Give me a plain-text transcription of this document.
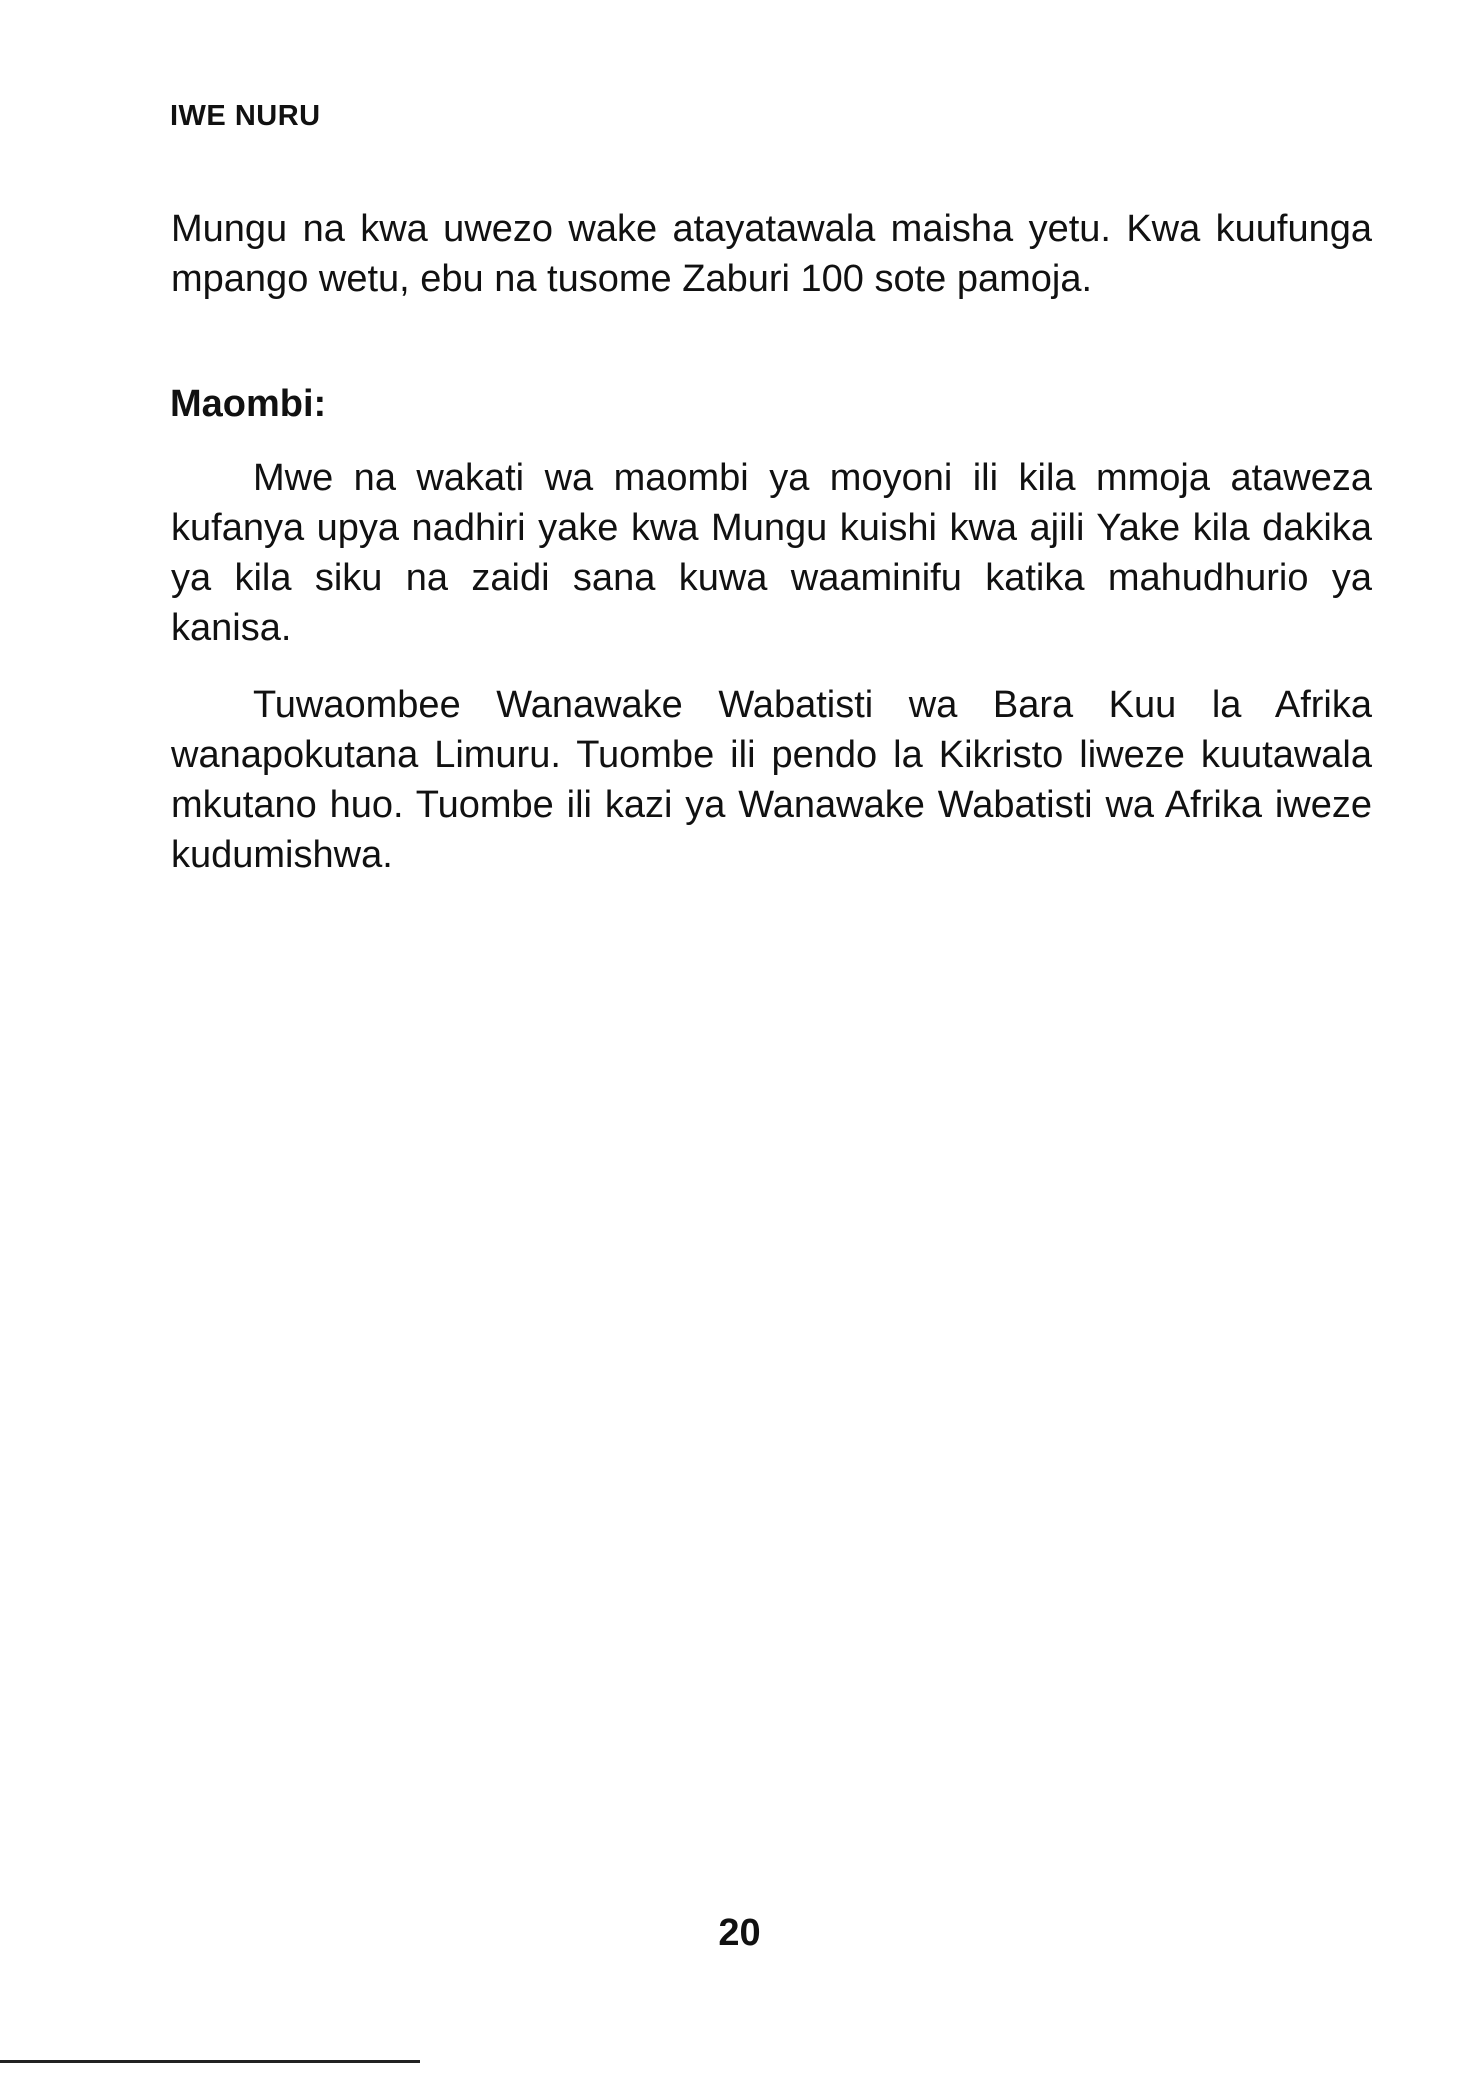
IWE NURU

Mungu na kwa uwezo wake atayatawala maisha yetu. Kwa kuufunga mpango wetu, ebu na tusome Zaburi 100 sote pamoja.

Maombi:

Mwe na wakati wa maombi ya moyoni ili kila mmoja ataweza kufanya upya nadhiri yake kwa Mungu kuishi kwa ajili Yake kila dakika ya kila siku na zaidi sana kuwa waaminifu katika mahudhurio ya kanisa.

Tuwaombee Wanawake Wabatisti wa Bara Kuu la Afrika wanapokutana Limuru. Tuombe ili pendo la Kikristo liweze kuutawala mkutano huo. Tuombe ili kazi ya Wanawake Wabatisti wa Afrika iweze kudumishwa.

20
